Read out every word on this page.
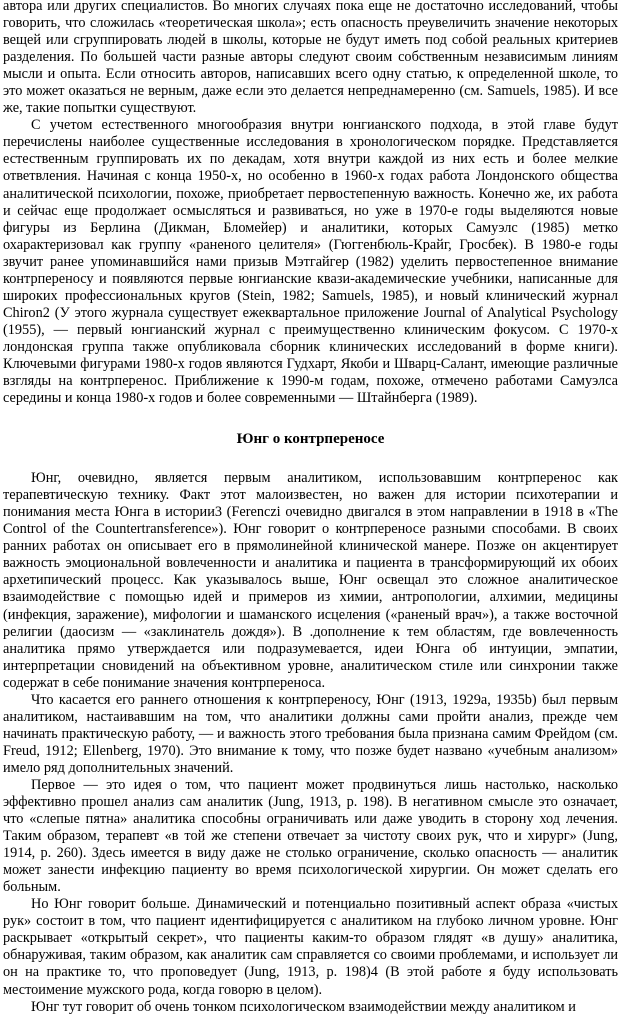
автора или других специалистов. Во многих случаях пока еще не достаточно исследований, чтобы говорить, что сложилась «теоретическая школа»; есть опасность преувеличить значение некоторых вещей или сгруппировать людей в школы, которые не будут иметь под собой реальных критериев разделения. По большей части разные авторы следуют своим собственным независимым линиям мысли и опыта. Если относить авторов, написавших всего одну статью, к определенной школе, то это может оказаться не верным, даже если это делается непреднамеренно (см. Samuels, 1985). И все же, такие попытки существуют.

С учетом естественного многообразия внутри юнгианского подхода, в этой главе будут перечислены наиболее существенные исследования в хронологическом порядке. Представляется естественным группировать их по декадам, хотя внутри каждой из них есть и более мелкие ответвления. Начиная с конца 1950-х, но особенно в 1960-х годах работа Лондонского общества аналитической психологии, похоже, приобретает первостепенную важность. Конечно же, их работа и сейчас еще продолжает осмысляться и развиваться, но уже в 1970-е годы выделяются новые фигуры из Берлина (Дикман, Бломейер) и аналитики, которых Самуэлс (1985) метко охарактеризовал как группу «раненого целителя» (Гюггенбюль-Крайг, Гросбек). В 1980-е годы звучит ранее упоминавшийся нами призыв Мэтгайгер (1982) уделить первостепенное внимание контрпереносу и появляются первые юнгианские квази-академические учебники, написанные для широких профессиональных кругов (Stein, 1982; Samuels, 1985), и новый клинический журнал Chiron2 (У этого журнала существует ежеквартальное приложение Journal of Analytical Psychology (1955), — первый юнгианский журнал с преимущественно клиническим фокусом. С 1970-х лондонская группа также опубликовала сборник клинических исследований в форме книги). Ключевыми фигурами 1980-х годов являются Гудхарт, Якоби и Шварц-Салант, имеющие различные взгляды на контрперенос. Приближение к 1990-м годам, похоже, отмечено работами Самуэлса середины и конца 1980-х годов и более современными — Штайнберга (1989).

Юнг о контрпереносе

Юнг, очевидно, является первым аналитиком, использовавшим контрперенос как терапевтическую технику. Факт этот малоизвестен, но важен для истории психотерапии и понимания места Юнга в истории3 (Ferenczi очевидно двигался в этом направлении в 1918 в «The Control of the Countertransference»). Юнг говорит о контрпереносе разными способами. В своих ранних работах он описывает его в прямолинейной клинической манере. Позже он акцентирует важность эмоциональной вовлеченности и аналитика и пациента в трансформирующий их обоих архетипический процесс. Как указывалось выше, Юнг освещал это сложное аналитическое взаимодействие с помощью идей и примеров из химии, антропологии, алхимии, медицины (инфекция, заражение), мифологии и шаманского исцеления («раненый врач»), а также восточной религии (даосизм — «заклинатель дождя»). В .дополнение к тем областям, где вовлеченность аналитика прямо утверждается или подразумевается, идеи Юнга об интуиции, эмпатии, интерпретации сновидений на объективном уровне, аналитическом стиле или синхронии также содержат в себе понимание значения контрпереноса.

Что касается его раннего отношения к контрпереносу, Юнг (1913, 1929а, 1935b) был первым аналитиком, настаивавшим на том, что аналитики должны сами пройти анализ, прежде чем начинать практическую работу, — и важность этого требования была признана самим Фрейдом (см. Freud, 1912; Ellenberg, 1970). Это внимание к тому, что позже будет названо «учебным анализом» имело ряд дополнительных значений.

Первое — это идея о том, что пациент может продвинуться лишь настолько, насколько эффективно прошел анализ сам аналитик (Jung, 1913, p. 198). В негативном смысле это означает, что «слепые пятна» аналитика способны ограничивать или даже уводить в сторону ход лечения. Таким образом, терапевт «в той же степени отвечает за чистоту своих рук, что и хирург» (Jung, 1914, p. 260). Здесь имеется в виду даже не столько ограничение, сколько опасность — аналитик может занести инфекцию пациенту во время психологической хирургии. Он может сделать его больным.

Но Юнг говорит больше. Динамический и потенциально позитивный аспект образа «чистых рук» состоит в том, что пациент идентифицируется с аналитиком на глубоко личном уровне. Юнг раскрывает «открытый секрет», что пациенты каким-то образом глядят «в душу» аналитика, обнаруживая, таким образом, как аналитик сам справляется со своими проблемами, и использует ли он на практике то, что проповедует (Jung, 1913, p. 198)4 (В этой работе я буду использовать местоимение мужского рода, когда говорю в целом).

Юнг тут говорит об очень тонком психологическом взаимодействии между аналитиком и
